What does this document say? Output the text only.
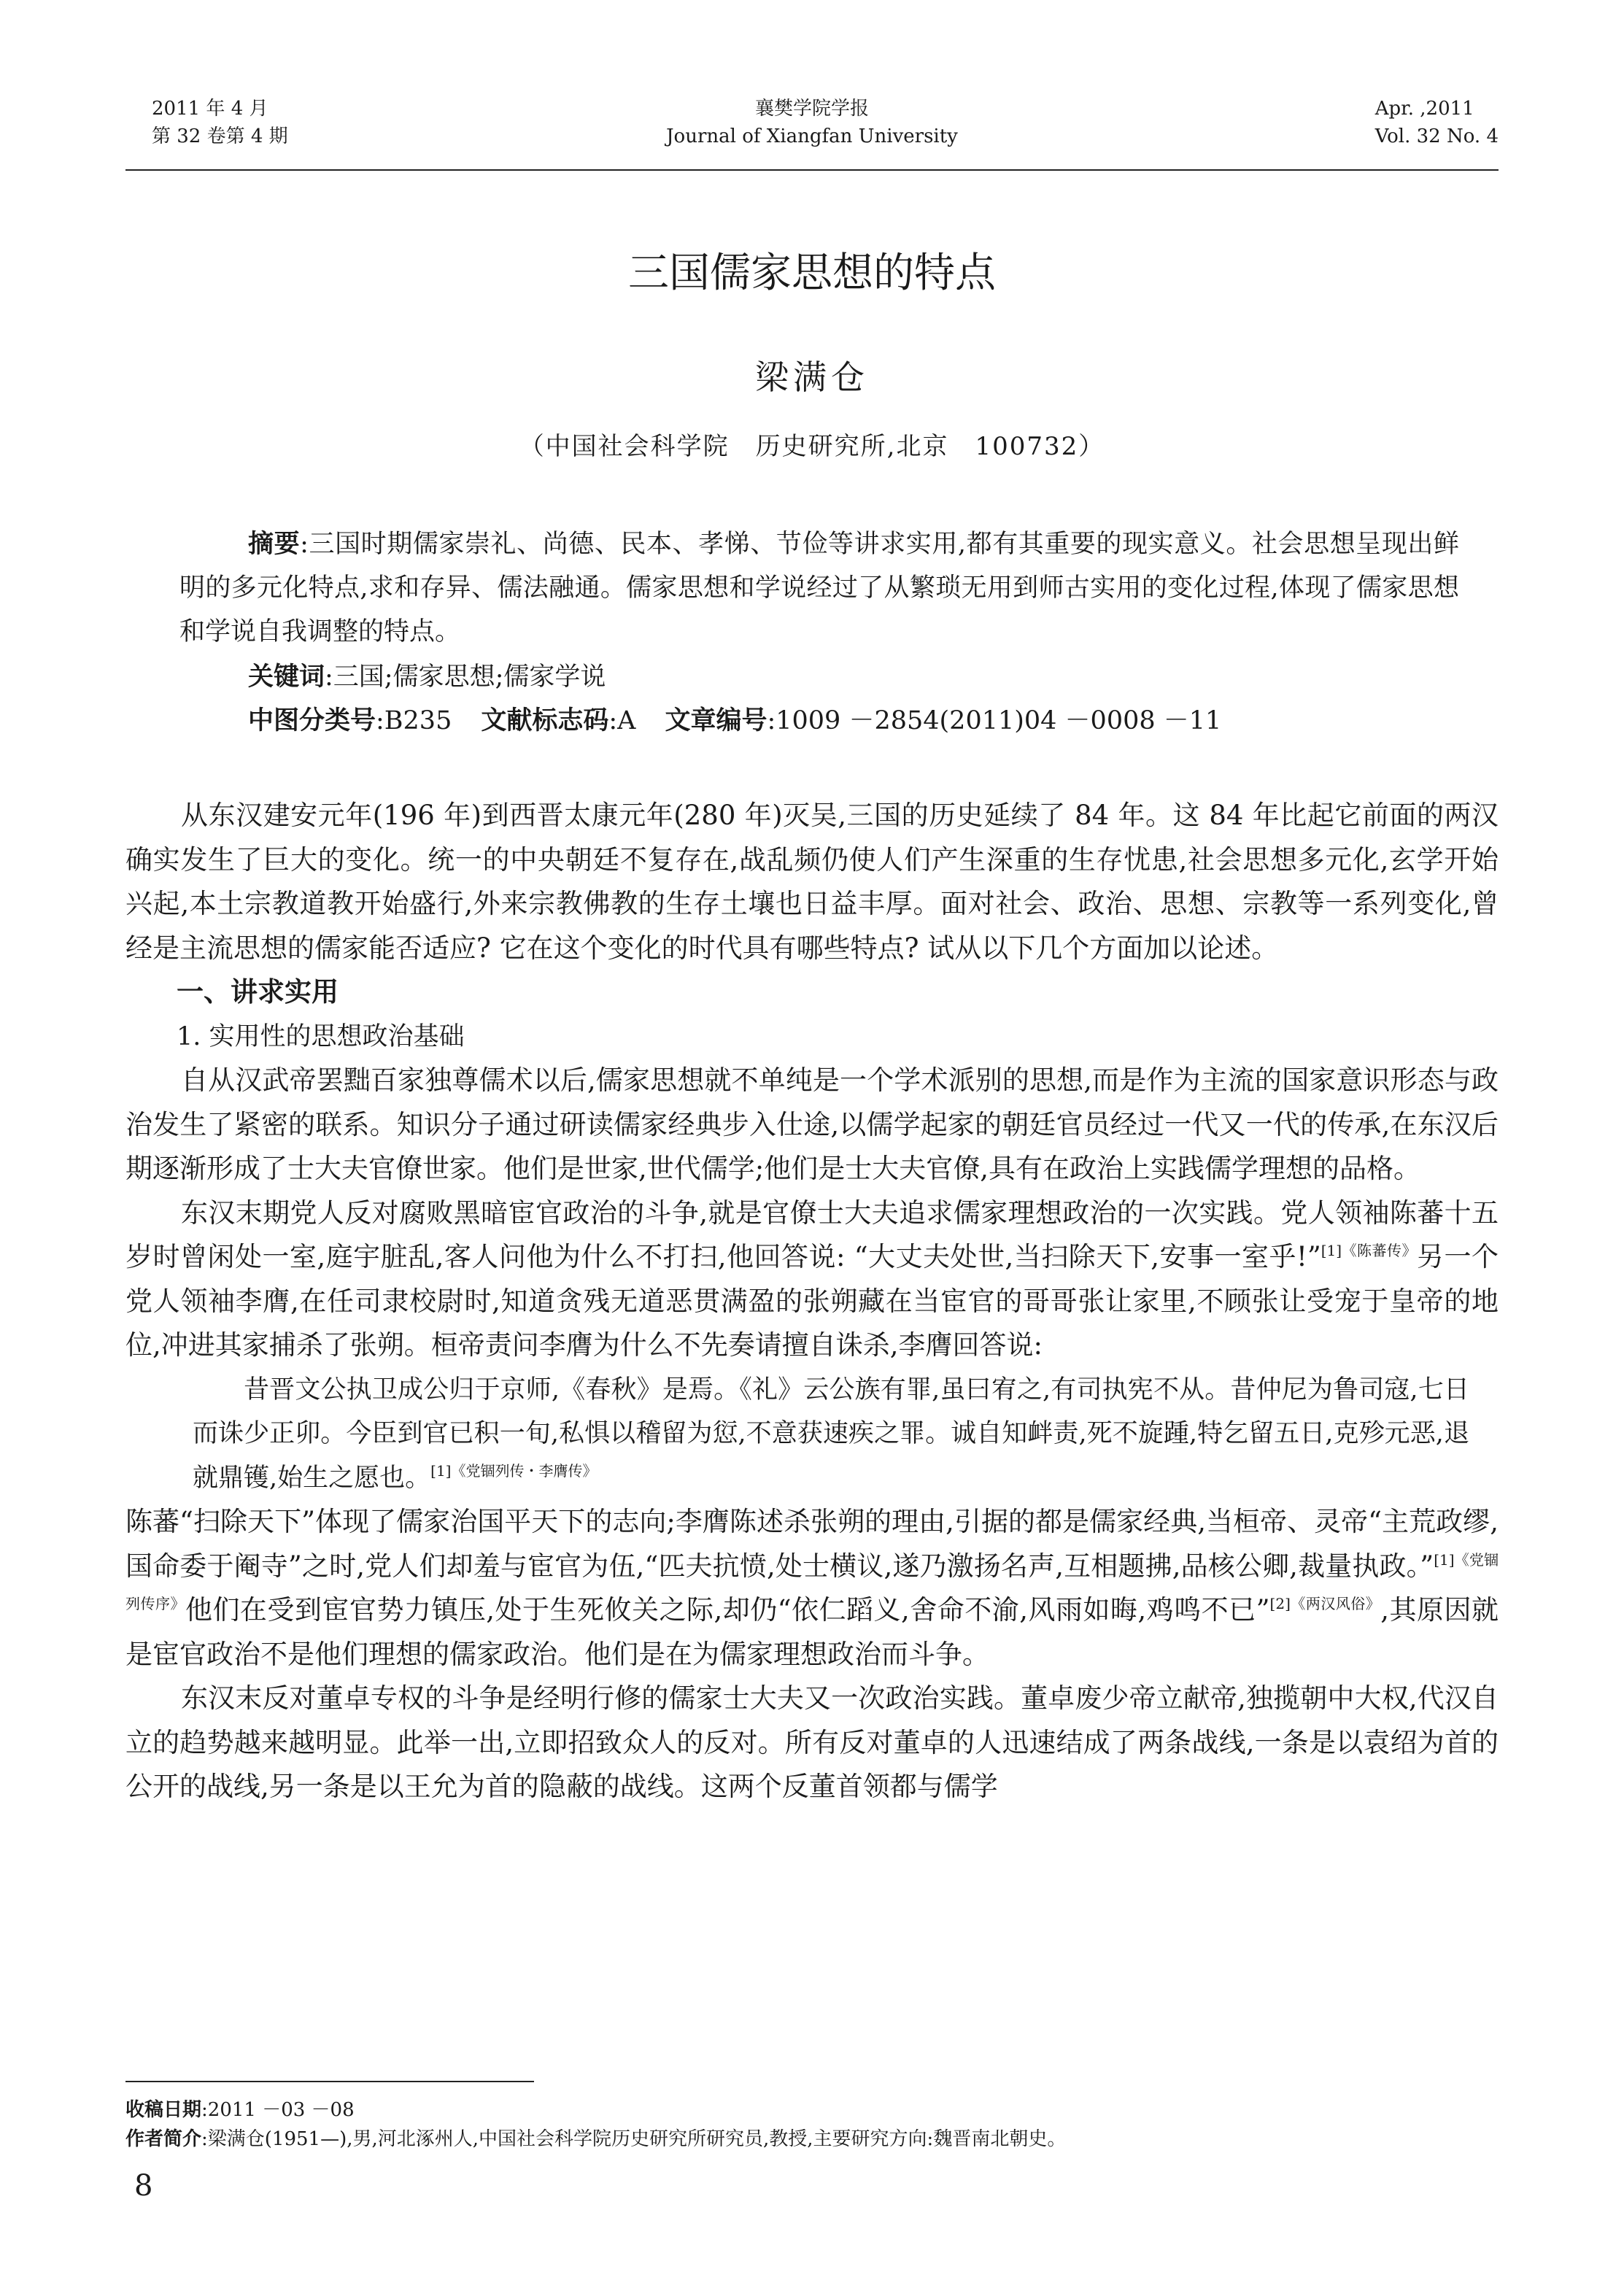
2011 年 4 月
第 32 卷第 4 期
襄樊学院学报
Journal of Xiangfan University
Apr. ,2011
Vol. 32 No. 4
三国儒家思想的特点
梁满仓
（中国社会科学院　历史研究所,北京　100732）
摘要:三国时期儒家崇礼、尚德、民本、孝悌、节俭等讲求实用,都有其重要的现实意义。社会思想呈现出鲜明的多元化特点,求和存异、儒法融通。儒家思想和学说经过了从繁琐无用到师古实用的变化过程,体现了儒家思想和学说自我调整的特点。
关键词:三国;儒家思想;儒家学说
中图分类号:B235 文献标志码:A 文章编号:1009 －2854(2011)04 －0008 －11

从东汉建安元年(196 年)到西晋太康元年(280 年)灭吴,三国的历史延续了 84 年。这 84 年比起它前面的两汉确实发生了巨大的变化。统一的中央朝廷不复存在,战乱频仍使人们产生深重的生存忧患,社会思想多元化,玄学开始兴起,本土宗教道教开始盛行,外来宗教佛教的生存土壤也日益丰厚。面对社会、政治、思想、宗教等一系列变化,曾经是主流思想的儒家能否适应? 它在这个变化的时代具有哪些特点? 试从以下几个方面加以论述。

一、讲求实用
1. 实用性的思想政治基础

自从汉武帝罢黜百家独尊儒术以后,儒家思想就不单纯是一个学术派别的思想,而是作为主流的国家意识形态与政治发生了紧密的联系。知识分子通过研读儒家经典步入仕途,以儒学起家的朝廷官员经过一代又一代的传承,在东汉后期逐渐形成了士大夫官僚世家。他们是世家,世代儒学;他们是士大夫官僚,具有在政治上实践儒学理想的品格。

东汉末期党人反对腐败黑暗宦官政治的斗争,就是官僚士大夫追求儒家理想政治的一次实践。党人领袖陈蕃十五岁时曾闲处一室,庭宇脏乱,客人问他为什么不打扫,他回答说: “大丈夫处世,当扫除天下,安事一室乎!”$^{[1]《陈蕃传》}$另一个党人领袖李膺,在任司隶校尉时,知道贪残无道恶贯满盈的张朔藏在当宦官的哥哥张让家里,不顾张让受宠于皇帝的地位,冲进其家捕杀了张朔。桓帝责问李膺为什么不先奏请擅自诛杀,李膺回答说:

昔晋文公执卫成公归于京师,《春秋》是焉。《礼》云公族有罪,虽曰宥之,有司执宪不从。昔仲尼为鲁司寇,七日而诛少正卯。今臣到官已积一旬,私惧以稽留为愆,不意获速疾之罪。诚自知衅责,死不旋踵,特乞留五日,克殄元恶,退就鼎镬,始生之愿也。$^{[1]《党锢列传・李膺传》}$

陈蕃“扫除天下”体现了儒家治国平天下的志向;李膺陈述杀张朔的理由,引据的都是儒家经典,当桓帝、灵帝“主荒政缪,国命委于阉寺”之时,党人们却羞与宦官为伍,“匹夫抗愤,处士横议,遂乃激扬名声,互相题拂,品核公卿,裁量执政。”$^{[1]《党锢列传序》}$他们在受到宦官势力镇压,处于生死攸关之际,却仍“依仁蹈义,舍命不渝,风雨如晦,鸡鸣不已”$^{[2]《两汉风俗》}$,其原因就是宦官政治不是他们理想的儒家政治。他们是在为儒家理想政治而斗争。

东汉末反对董卓专权的斗争是经明行修的儒家士大夫又一次政治实践。董卓废少帝立献帝,独揽朝中大权,代汉自立的趋势越来越明显。此举一出,立即招致众人的反对。所有反对董卓的人迅速结成了两条战线,一条是以袁绍为首的公开的战线,另一条是以王允为首的隐蔽的战线。这两个反董首领都与儒学

收稿日期:2011 －03 －08
作者简介:梁满仓(1951—),男,河北涿州人,中国社会科学院历史研究所研究员,教授,主要研究方向:魏晋南北朝史。
8
